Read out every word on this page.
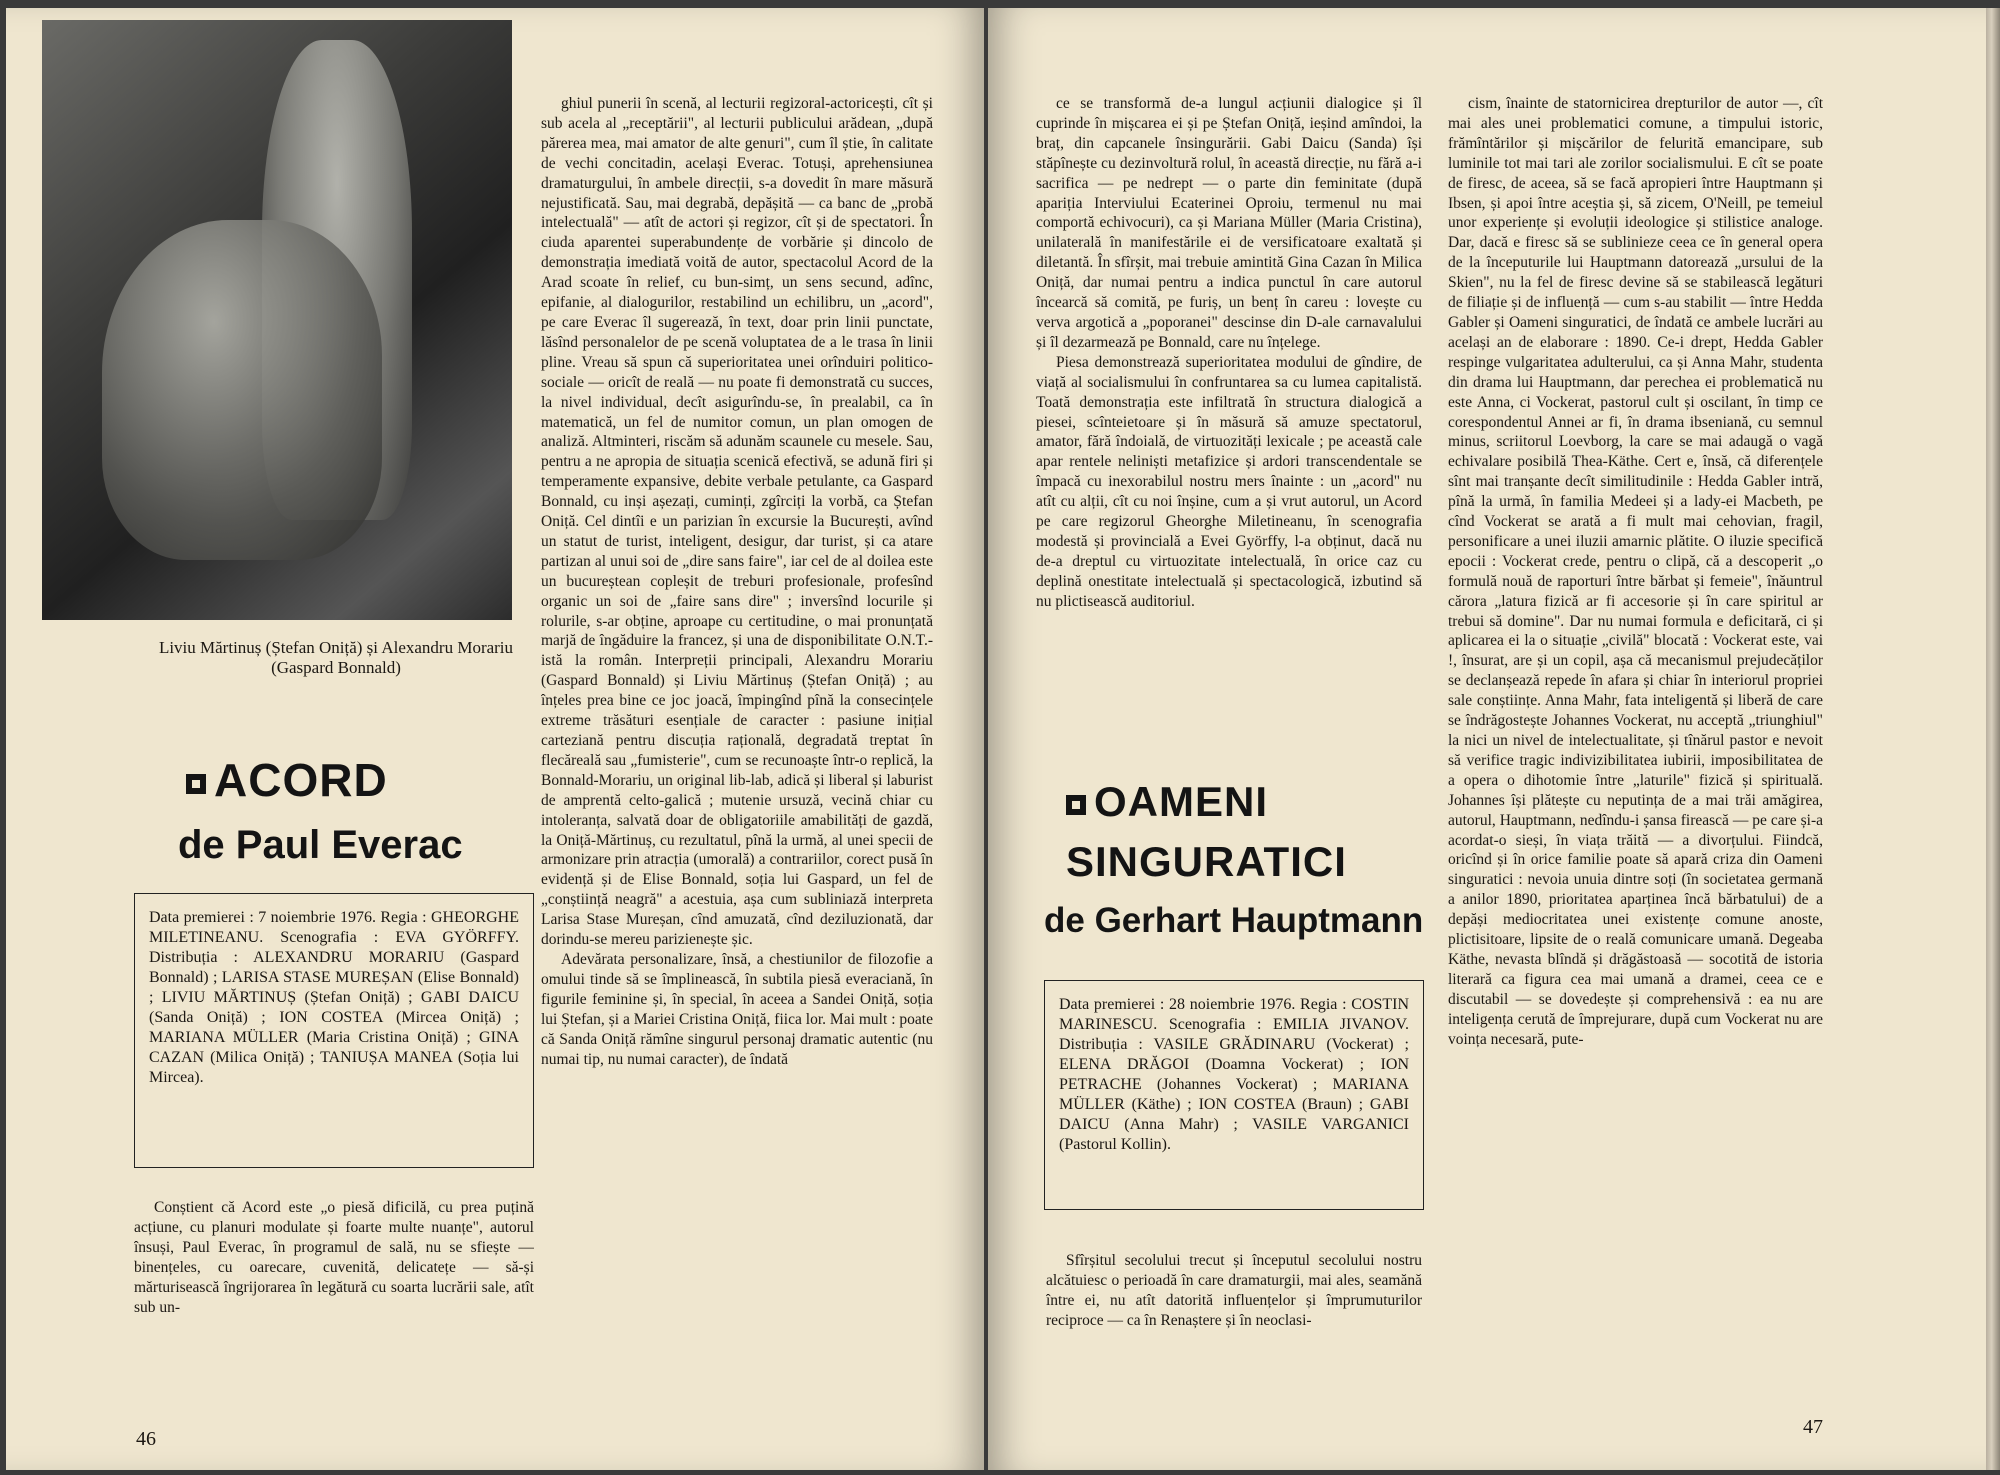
Liviu Mărtinuș (Ștefan Oniță) și Alexandru Morariu (Gaspard Bonnald)
ACORD
de Paul Everac
Data premierei : 7 noiembrie 1976. Regia : GHEORGHE MILETINEANU. Scenografia : EVA GYÖRFFY. Distribuția : ALEXANDRU MORARIU (Gaspard Bonnald) ; LARISA STASE MUREȘAN (Elise Bonnald) ; LIVIU MĂRTINUȘ (Ștefan Oniță) ; GABI DAICU (Sanda Oniță) ; ION COSTEA (Mircea Oniță) ; MARIANA MÜLLER (Maria Cristina Oniță) ; GINA CAZAN (Milica Oniță) ; TANIUȘA MANEA (Soția lui Mircea).

Conștient că Acord este „o piesă dificilă, cu prea puțină acțiune, cu planuri modulate și foarte multe nuanțe", autorul însuși, Paul Everac, în programul de sală, nu se sfiește — binențeles, cu oarecare, cuvenită, delicatețe — să-și mărturisească îngrijorarea în legătură cu soarta lucrării sale, atît sub un-

ghiul punerii în scenă, al lecturii regizoral-actoricești, cît și sub acela al „receptării", al lecturii publicului arădean, „după părerea mea, mai amator de alte genuri", cum îl știe, în calitate de vechi concitadin, același Everac. Totuși, aprehensiunea dramaturgului, în ambele direcții, s-a dovedit în mare măsură nejustificată. Sau, mai degrabă, depășită — ca banc de „probă intelectuală" — atît de actori și regizor, cît și de spectatori. În ciuda aparentei superabundențe de vorbărie și dincolo de demonstrația imediată voită de autor, spectacolul Acord de la Arad scoate în relief, cu bun-simț, un sens secund, adînc, epifanie, al dialogurilor, restabilind un echilibru, un „acord", pe care Everac îl sugerează, în text, doar prin linii punctate, lăsînd personalelor de pe scenă voluptatea de a le trasa în linii pline. Vreau să spun că superioritatea unei orînduiri politico-sociale — oricît de reală — nu poate fi demonstrată cu succes, la nivel individual, decît asigurîndu-se, în prealabil, ca în matematică, un fel de numitor comun, un plan omogen de analiză. Altminteri, riscăm să adunăm scaunele cu mesele. Sau, pentru a ne apropia de situația scenică efectivă, se adună firi și temperamente expansive, debite verbale petulante, ca Gaspard Bonnald, cu inși așezați, cuminți, zgîrciți la vorbă, ca Ștefan Oniță. Cel dintîi e un parizian în excursie la București, avînd un statut de turist, inteligent, desigur, dar turist, și ca atare partizan al unui soi de „dire sans faire", iar cel de al doilea este un bucureștean copleșit de treburi profesionale, profesînd organic un soi de „faire sans dire" ; inversînd locurile și rolurile, s-ar obține, aproape cu certitudine, o mai pronunțată marjă de îngăduire la francez, și una de disponibilitate O.N.T.-istă la român. Interpreții principali, Alexandru Morariu (Gaspard Bonnald) și Liviu Mărtinuș (Ștefan Oniță) ; au înțeles prea bine ce joc joacă, împingînd pînă la consecințele extreme trăsături esențiale de caracter : pasiune inițial carteziană pentru discuția rațională, degradată treptat în flecăreală sau „fumisterie", cum se recunoaște într-o replică, la Bonnald-Morariu, un original lib-lab, adică și liberal și laburist de amprentă celto-galică ; mutenie ursuză, vecină chiar cu intoleranța, salvată doar de obligatoriile amabilități de gazdă, la Oniță-Mărtinuș, cu rezultatul, pînă la urmă, al unei specii de armonizare prin atracția (umorală) a contrariilor, corect pusă în evidență și de Elise Bonnald, soția lui Gaspard, un fel de „conștiință neagră" a acestuia, așa cum subliniază interpreta Larisa Stase Mureșan, cînd amuzată, cînd deziluzionată, dar dorindu-se mereu parizienește șic.

Adevărata personalizare, însă, a chestiunilor de filozofie a omului tinde să se împlinească, în subtila piesă everaciană, în figurile feminine și, în special, în aceea a Sandei Oniță, soția lui Ștefan, și a Mariei Cristina Oniță, fiica lor. Mai mult : poate că Sanda Oniță rămîne singurul personaj dramatic autentic (nu numai tip, nu numai caracter), de îndată

46

ce se transformă de-a lungul acțiunii dialogice și îl cuprinde în mișcarea ei și pe Ștefan Oniță, ieșind amîndoi, la braț, din capcanele însingurării. Gabi Daicu (Sanda) își stăpînește cu dezinvoltură rolul, în această direcție, nu fără a-i sacrifica — pe nedrept — o parte din feminitate (după apariția Interviului Ecaterinei Oproiu, termenul nu mai comportă echivocuri), ca și Mariana Müller (Maria Cristina), unilaterală în manifestările ei de versificatoare exaltată și diletantă. În sfîrșit, mai trebuie amintită Gina Cazan în Milica Oniță, dar numai pentru a indica punctul în care autorul încearcă să comită, pe furiș, un benț în careu : lovește cu verva argotică a „poporanei" descinse din D-ale carnavalului și îl dezarmează pe Bonnald, care nu înțelege.

Piesa demonstrează superioritatea modului de gîndire, de viață al socialismului în confruntarea sa cu lumea capitalistă. Toată demonstrația este infiltrată în structura dialogică a piesei, scînteietoare și în măsură să amuze spectatorul, amator, fără îndoială, de virtuozități lexicale ; pe această cale apar rentele neliniști metafizice și ardori transcendentale se împacă cu inexorabilul nostru mers înainte : un „acord" nu atît cu alții, cît cu noi înșine, cum a și vrut autorul, un Acord pe care regizorul Gheorghe Miletineanu, în scenografia modestă și provincială a Evei Györffy, l-a obținut, dacă nu de-a dreptul cu virtuozitate intelectuală, în orice caz cu deplină onestitate intelectuală și spectacologică, izbutind să nu plictisească auditoriul.

OAMENI
SINGURATICI
de Gerhart Hauptmann
Data premierei : 28 noiembrie 1976. Regia : COSTIN MARINESCU. Scenografia : EMILIA JIVANOV. Distribuția : VASILE GRĂDINARU (Vockerat) ; ELENA DRĂGOI (Doamna Vockerat) ; ION PETRACHE (Johannes Vockerat) ; MARIANA MÜLLER (Käthe) ; ION COSTEA (Braun) ; GABI DAICU (Anna Mahr) ; VASILE VARGANICI (Pastorul Kollin).

Sfîrșitul secolului trecut și începutul secolului nostru alcătuiesc o perioadă în care dramaturgii, mai ales, seamănă între ei, nu atît datorită influențelor și împrumuturilor reciproce — ca în Renaștere și în neoclasi-

cism, înainte de statornicirea drepturilor de autor —, cît mai ales unei problematici comune, a timpului istoric, frămîntărilor și mișcărilor de felurită emancipare, sub luminile tot mai tari ale zorilor socialismului. E cît se poate de firesc, de aceea, să se facă apropieri între Hauptmann și Ibsen, și apoi între aceștia și, să zicem, O'Neill, pe temeiul unor experiențe și evoluții ideologice și stilistice analoge. Dar, dacă e firesc să se sublinieze ceea ce în general opera de la începuturile lui Hauptmann datorează „ursului de la Skien", nu la fel de firesc devine să se stabilească legături de filiație și de influență — cum s-au stabilit — între Hedda Gabler și Oameni singuratici, de îndată ce ambele lucrări au același an de elaborare : 1890. Ce-i drept, Hedda Gabler respinge vulgaritatea adulterului, ca și Anna Mahr, studenta din drama lui Hauptmann, dar perechea ei problematică nu este Anna, ci Vockerat, pastorul cult și oscilant, în timp ce corespondentul Annei ar fi, în drama ibseniană, cu semnul minus, scriitorul Loevborg, la care se mai adaugă o vagă echivalare posibilă Thea-Käthe. Cert e, însă, că diferențele sînt mai tranșante decît similitudinile : Hedda Gabler intră, pînă la urmă, în familia Medeei și a lady-ei Macbeth, pe cînd Vockerat se arată a fi mult mai cehovian, fragil, personificare a unei iluzii amarnic plătite. O iluzie specifică epocii : Vockerat crede, pentru o clipă, că a descoperit „o formulă nouă de raporturi între bărbat și femeie", înăuntrul cărora „latura fizică ar fi accesorie și în care spiritul ar trebui să domine". Dar nu numai formula e deficitară, ci și aplicarea ei la o situație „civilă" blocată : Vockerat este, vai !, însurat, are și un copil, așa că mecanismul prejudecăților se declanșează repede în afara și chiar în interiorul propriei sale conștiințe. Anna Mahr, fata inteligentă și liberă de care se îndrăgostește Johannes Vockerat, nu acceptă „triunghiul" la nici un nivel de intelectualitate, și tînărul pastor e nevoit să verifice tragic indivizibilitatea iubirii, imposibilitatea de a opera o dihotomie între „laturile" fizică și spirituală. Johannes își plătește cu neputința de a mai trăi amăgirea, autorul, Hauptmann, nedîndu-i șansa firească — pe care și-a acordat-o sieși, în viața trăită — a divorțului. Fiindcă, oricînd și în orice familie poate să apară criza din Oameni singuratici : nevoia unuia dintre soți (în societatea germană a anilor 1890, prioritatea aparținea încă bărbatului) de a depăși mediocritatea unei existențe comune anoste, plictisitoare, lipsite de o reală comunicare umană. Degeaba Käthe, nevasta blîndă și drăgăstoasă — socotită de istoria literară ca figura cea mai umană a dramei, ceea ce e discutabil — se dovedește și comprehensivă : ea nu are inteligența cerută de împrejurare, după cum Vockerat nu are voința necesară, pute-

47
